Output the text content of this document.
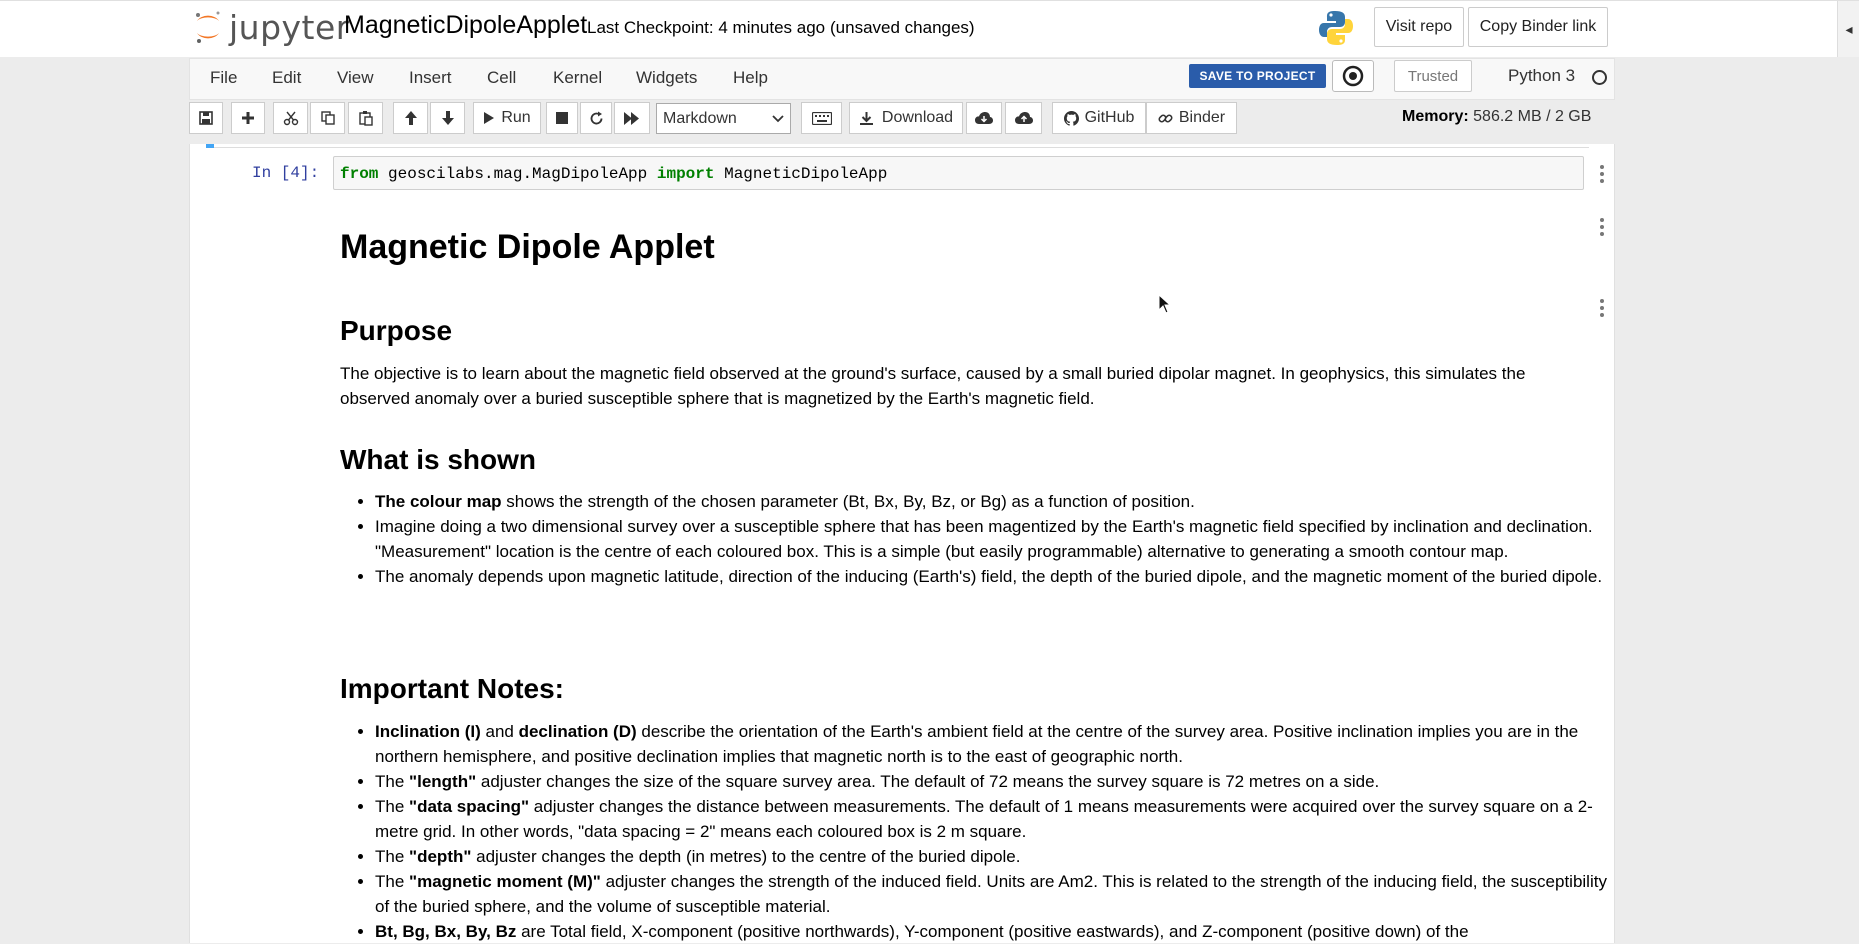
jupyter
MagneticDipoleApplet Last Checkpoint: 4 minutes ago (unsaved changes)	Visit repo	Copy Binder link	◂
File Edit View Insert Cell Kernel Widgets Help	SAVE TO PROJECT	Trusted	Python 3
Run	Markdown	Download	GitHub	Binder	Memory: 586.2 MB / 2 GB
In [4]:	from geoscilabs.mag.MagDipoleApp import MagneticDipoleApp
Magnetic Dipole Applet
Purpose

The objective is to learn about the magnetic field observed at the ground's surface, caused by a small buried dipolar magnet. In geophysics, this simulates the observed anomaly over a buried susceptible sphere that is magnetized by the Earth's magnetic field.

What is shown
• The colour map shows the strength of the chosen parameter (Bt, Bx, By, Bz, or Bg) as a function of position.
• Imagine doing a two dimensional survey over a susceptible sphere that has been magentized by the Earth's magnetic field specified by inclination and declination. "Measurement" location is the centre of each coloured box. This is a simple (but easily programmable) alternative to generating a smooth contour map.
• The anomaly depends upon magnetic latitude, direction of the inducing (Earth's) field, the depth of the buried dipole, and the magnetic moment of the buried dipole.
Important Notes:
• Inclination (I) and declination (D) describe the orientation of the Earth's ambient field at the centre of the survey area. Positive inclination implies you are in the northern hemisphere, and positive declination implies that magnetic north is to the east of geographic north.
• The "length" adjuster changes the size of the square survey area. The default of 72 means the survey square is 72 metres on a side.
• The "data spacing" adjuster changes the distance between measurements. The default of 1 means measurements were acquired over the survey square on a 2-metre grid. In other words, "data spacing = 2" means each coloured box is 2 m square.
• The "depth" adjuster changes the depth (in metres) to the centre of the buried dipole.
• The "magnetic moment (M)" adjuster changes the strength of the induced field. Units are Am2. This is related to the strength of the inducing field, the susceptibility of the buried sphere, and the volume of susceptible material.
• Bt, Bg, Bx, By, Bz are Total field, X-component (positive northwards), Y-component (positive eastwards), and Z-component (positive down) of the
